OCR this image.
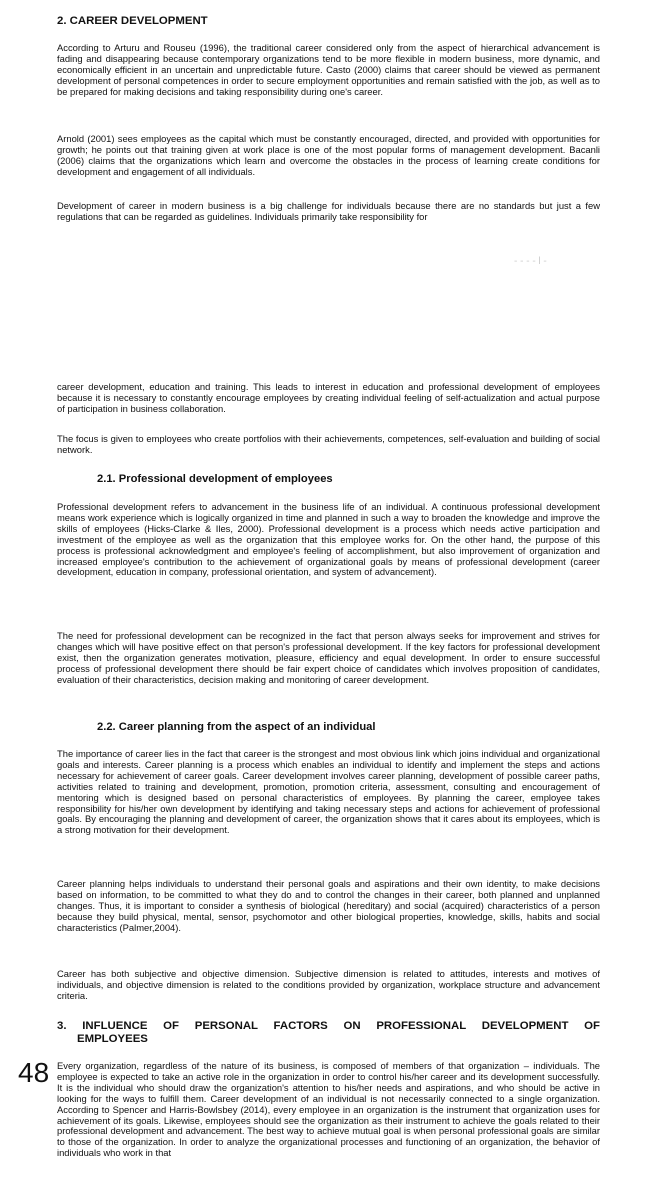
2. CAREER DEVELOPMENT

According to Arturu and Rouseu (1996), the traditional career considered only from the aspect of hierarchical advancement is fading and disappearing because contemporary organizations tend to be more flexible in modern business, more dynamic, and economically efficient in an uncertain and unpredictable future. Casto (2000) claims that career should be viewed as permanent development of personal competences in order to secure employment opportunities and remain satisfied with the job, as well as to be prepared for making decisions and taking responsibility during one's career.

Arnold (2001) sees employees as the capital which must be constantly encouraged, directed, and provided with opportunities for growth; he points out that training given at work place is one of the most popular forms of management development. Bacanli (2006) claims that the organizations which learn and overcome the obstacles in the process of learning create conditions for development and engagement of all individuals.

Development of career in modern business is a big challenge for individuals because there are no standards but just a few regulations that can be regarded as guidelines. Individuals primarily take responsibility for

- - - - l -

career development, education and training. This leads to interest in education and professional development of employees because it is necessary to constantly encourage employees by creating individual feeling of self-actualization and actual purpose of participation in business collaboration.

The focus is given to employees who create portfolios with their achievements, competences, self-evaluation and building of social network.

2.1. Professional development of employees

Professional development refers to advancement in the business life of an individual. A continuous professional development means work experience which is logically organized in time and planned in such a way to broaden the knowledge and improve the skills of employees (Hicks-Clarke & Iles, 2000). Professional development is a process which needs active participation and investment of the employee as well as the organization that this employee works for. On the other hand, the purpose of this process is professional acknowledgment and employee's feeling of accomplishment, but also improvement of organization and increased employee's contribution to the achievement of organizational goals by means of professional development (career development, education in company, professional orientation, and system of advancement).

The need for professional development can be recognized in the fact that person always seeks for improvement and strives for changes which will have positive effect on that person's professional development. If the key factors for professional development exist, then the organization generates motivation, pleasure, efficiency and equal development. In order to ensure successful process of professional development there should be fair expert choice of candidates which involves proposition of candidates, evaluation of their characteristics, decision making and monitoring of career development.

2.2. Career planning from the aspect of an individual

The importance of career lies in the fact that career is the strongest and most obvious link which joins individual and organizational goals and interests. Career planning is a process which enables an individual to identify and implement the steps and actions necessary for achievement of career goals. Career development involves career planning, development of possible career paths, activities related to training and development, promotion, promotion criteria, assessment, consulting and encouragement of mentoring which is designed based on personal characteristics of employees. By planning the career, employee takes responsibility for his/her own development by identifying and taking necessary steps and actions for achievement of professional goals. By encouraging the planning and development of career, the organization shows that it cares about its employees, which is a strong motivation for their development.

Career planning helps individuals to understand their personal goals and aspirations and their own identity, to make decisions based on information, to be committed to what they do and to control the changes in their career, both planned and unplanned changes. Thus, it is important to consider a synthesis of biological (hereditary) and social (acquired) characteristics of a person because they build physical, mental, sensor, psychomotor and other biological properties, knowledge, skills, habits and social characteristics (Palmer,2004).

Career has both subjective and objective dimension. Subjective dimension is related to attitudes, interests and motives of individuals, and objective dimension is related to the conditions provided by organization, workplace structure and advancement criteria.

3. INFLUENCE OF PERSONAL FACTORS ON PROFESSIONAL DEVELOPMENT OF
EMPLOYEES
48 Every organization, regardless of the nature of its business, is composed of members of that organization – individuals. The employee is expected to take an active role in the organization in order to control his/her career and its development successfully. It is the individual who should draw the organization's attention to his/her needs and aspirations, and who should be active in looking for the ways to fulfill them. Career development of an individual is not necessarily connected to a single organization. According to Spencer and Harris-Bowlsbey (2014), every employee in an organization is the instrument that organization uses for achievement of its goals. Likewise, employees should see the organization as their instrument to achieve the goals related to their professional development and advancement. The best way to achieve mutual goal is when personal professional goals are similar to those of the organization. In order to analyze the organizational processes and functioning of an organization, the behavior of individuals who work in that
